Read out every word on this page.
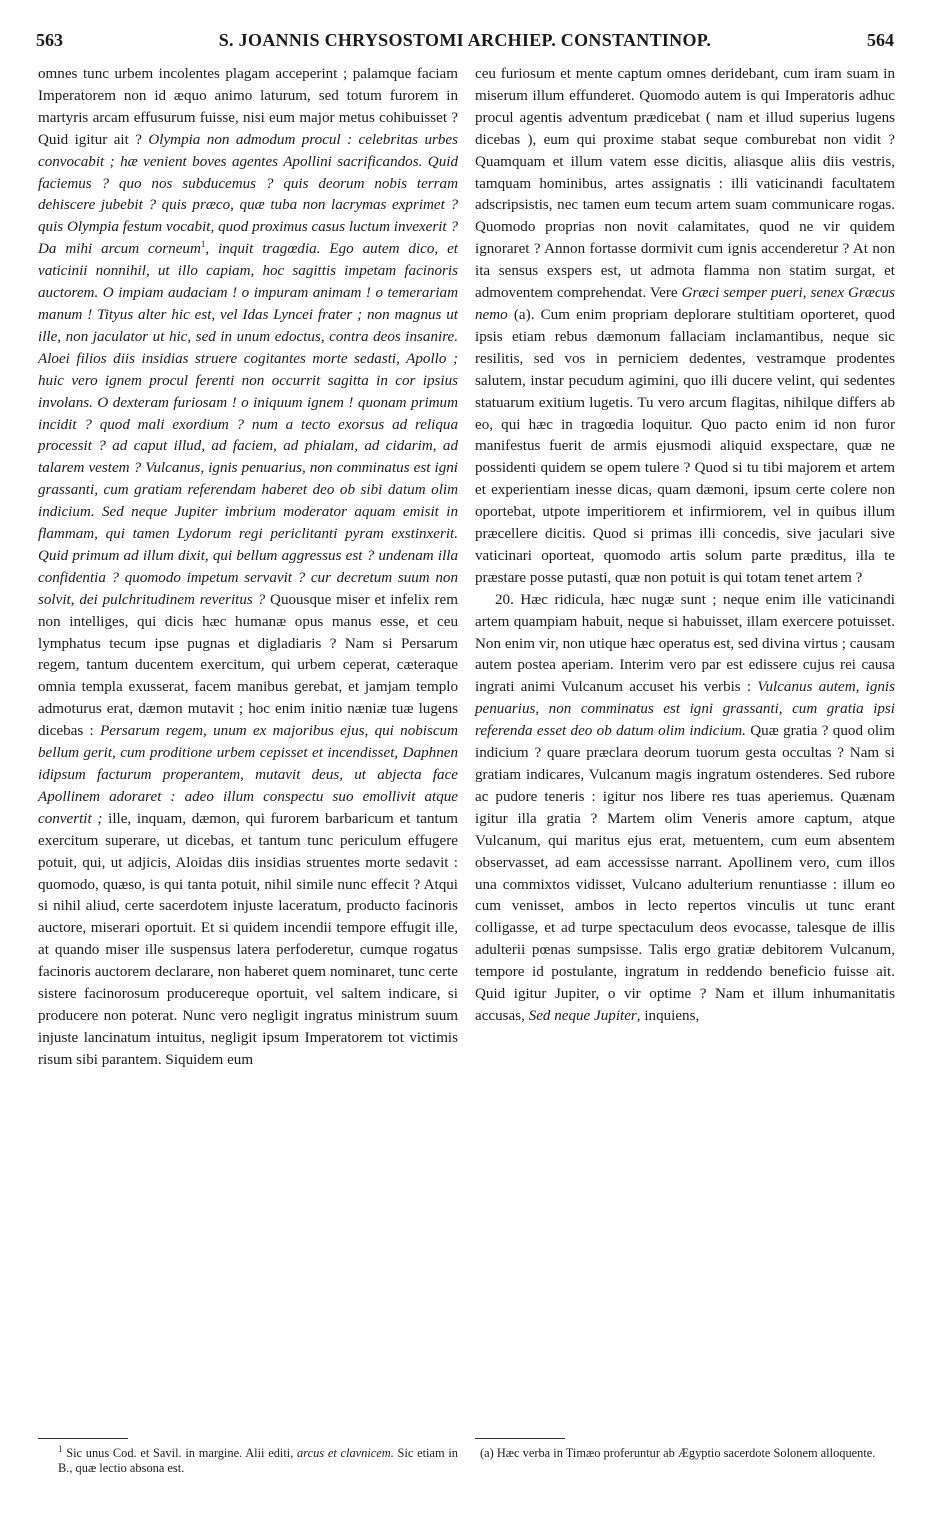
563	S. JOANNIS CHRYSOSTOMI ARCHIEP. CONSTANTINOP.	564

omnes tunc urbem incolentes plagam acceperint ; palamque faciam Imperatorem non id æquo animo laturum, sed totum furorem in martyris arcam effusurum fuisse, nisi eum major metus cohibuisset ? Quid igitur ait ? Olympia non admodum procul : celebritas urbes convocabit ; hæ venient boves agentes Apollini sacrificandos. Quid faciemus ? quo nos subducemus ? quis deorum nobis terram dehiscere jubebit ? quis præco, quæ tuba non lacrymas exprimet ? quis Olympia festum vocabit, quod proximus casus luctum invexerit ? Da mihi arcum corneum$^1$, inquit tragœdia. Ego autem dico, et vaticinii nonnihil, ut illo capiam, hoc sagittis impetam facinoris auctorem. O impiam audaciam ! o impuram animam ! o temerariam manum ! Tityus alter hic est, vel Idas Lyncei frater ; non magnus ut ille, non jaculator ut hic, sed in unum edoctus, contra deos insanire. Aloei filios diis insidias struere cogitantes morte sedasti, Apollo ; huic vero ignem procul ferenti non occurrit sagitta in cor ipsius involans. O dexteram furiosam ! o iniquum ignem ! quonam primum incidit ? quod mali exordium ? num a tecto exorsus ad reliqua processit ? ad caput illud, ad faciem, ad phialam, ad cidarim, ad talarem vestem ? Vulcanus, ignis penuarius, non comminatus est igni grassanti, cum gratiam referendam haberet deo ob sibi datum olim indicium. Sed neque Jupiter imbrium moderator aquam emisit in flammam, qui tamen Lydorum regi periclitanti pyram exstinxerit. Quid primum ad illum dixit, qui bellum aggressus est ? undenam illa confidentia ? quomodo impetum servavit ? cur decretum suum non solvit, dei pulchritudinem reveritus ? Quousque miser et infelix rem non intelliges, qui dicis hæc humanæ opus manus esse, et ceu lymphatus tecum ipse pugnas et digladiaris ? Nam si Persarum regem, tantum ducentem exercitum, qui urbem ceperat, cæteraque omnia templa exusserat, facem manibus gerebat, et jamjam templo admoturus erat, dæmon mutavit ; hoc enim initio næniæ tuæ lugens dicebas : Persarum regem, unum ex majoribus ejus, qui nobiscum bellum gerit, cum proditione urbem cepisset et incendisset, Daphnen idipsum facturum properantem, mutavit deus, ut abjecta face Apollinem adoraret : adeo illum conspectu suo emollivit atque convertit ; ille, inquam, dæmon, qui furorem barbaricum et tantum exercitum superare, ut dicebas, et tantum tunc periculum effugere potuit, qui, ut adjicis, Aloidas diis insidias struentes morte sedavit : quomodo, quæso, is qui tanta potuit, nihil simile nunc effecit ? Atqui si nihil aliud, certe sacerdotem injuste laceratum, producto facinoris auctore, miserari oportuit. Et si quidem incendii tempore effugit ille, at quando miser ille suspensus latera perfoderetur, cumque rogatus facinoris auctorem declarare, non haberet quem nominaret, tunc certe sistere facinorosum producereque oportuit, vel saltem indicare, si producere non poterat. Nunc vero negligit ingratus ministrum suum injuste lancinatum intuitus, negligit ipsum Imperatorem tot victimis risum sibi parantem. Siquidem eum

ceu furiosum et mente captum omnes deridebant, cum iram suam in miserum illum effunderet. Quomodo autem is qui Imperatoris adhuc procul agentis adventum prædicebat ( nam et illud superius lugens dicebas ), eum qui proxime stabat seque comburebat non vidit ? Quamquam et illum vatem esse dicitis, aliasque aliis diis vestris, tamquam hominibus, artes assignatis : illi vaticinandi facultatem adscripsistis, nec tamen eum tecum artem suam communicare rogas. Quomodo proprias non novit calamitates, quod ne vir quidem ignoraret ? Annon fortasse dormivit cum ignis accenderetur ? At non ita sensus exspers est, ut admota flamma non statim surgat, et admoventem comprehendat. Vere Græci semper pueri, senex Græcus nemo (a). Cum enim propriam deplorare stultitiam oporteret, quod ipsis etiam rebus dæmonum fallaciam inclamantibus, neque sic resilitis, sed vos in perniciem dedentes, vestramque prodentes salutem, instar pecudum agimini, quo illi ducere velint, qui sedentes statuarum exitium lugetis. Tu vero arcum flagitas, nihilque differs ab eo, qui hæc in tragœdia loquitur. Quo pacto enim id non furor manifestus fuerit de armis ejusmodi aliquid exspectare, quæ ne possidenti quidem se opem tulere ? Quod si tu tibi majorem et artem et experientiam inesse dicas, quam dæmoni, ipsum certe colere non oportebat, utpote imperitiorem et infirmiorem, vel in quibus illum præcellere dicitis. Quod si primas illi concedis, sive jaculari sive vaticinari oporteat, quomodo artis solum parte præditus, illa te præstare posse putasti, quæ non potuit is qui totam tenet artem ?

20. Hæc ridicula, hæc nugæ sunt ; neque enim ille vaticinandi artem quampiam habuit, neque si habuisset, illam exercere potuisset. Non enim vir, non utique hæc operatus est, sed divina virtus ; causam autem postea aperiam. Interim vero par est edissere cujus rei causa ingrati animi Vulcanum accuset his verbis : Vulcanus autem, ignis penuarius, non comminatus est igni grassanti, cum gratia ipsi referenda esset deo ob datum olim indicium. Quæ gratia ? quod olim indicium ? quare præclara deorum tuorum gesta occultas ? Nam si gratiam indicares, Vulcanum magis ingratum ostenderes. Sed rubore ac pudore teneris : igitur nos libere res tuas aperiemus. Quænam igitur illa gratia ? Martem olim Veneris amore captum, atque Vulcanum, qui maritus ejus erat, metuentem, cum eum absentem observasset, ad eam accessisse narrant. Apollinem vero, cum illos una commixtos vidisset, Vulcano adulterium renuntiasse : illum eo cum venisset, ambos in lecto repertos vinculis ut tunc erant colligasse, et ad turpe spectaculum deos evocasse, talesque de illis adulterii pœnas sumpsisse. Talis ergo gratiæ debitorem Vulcanum, tempore id postulante, ingratum in reddendo beneficio fuisse ait. Quid igitur Jupiter, o vir optime ? Nam et illum inhumanitatis accusas, Sed neque Jupiter, inquiens,

$^1$ Sic unus Cod. et Savil. in margine. Alii editi, arcus et clavnicem. Sic etiam in B., quæ lectio absona est.
(a) Hæc verba in Timæo proferuntur ab Ægyptio sacerdote Solonem alloquente.
